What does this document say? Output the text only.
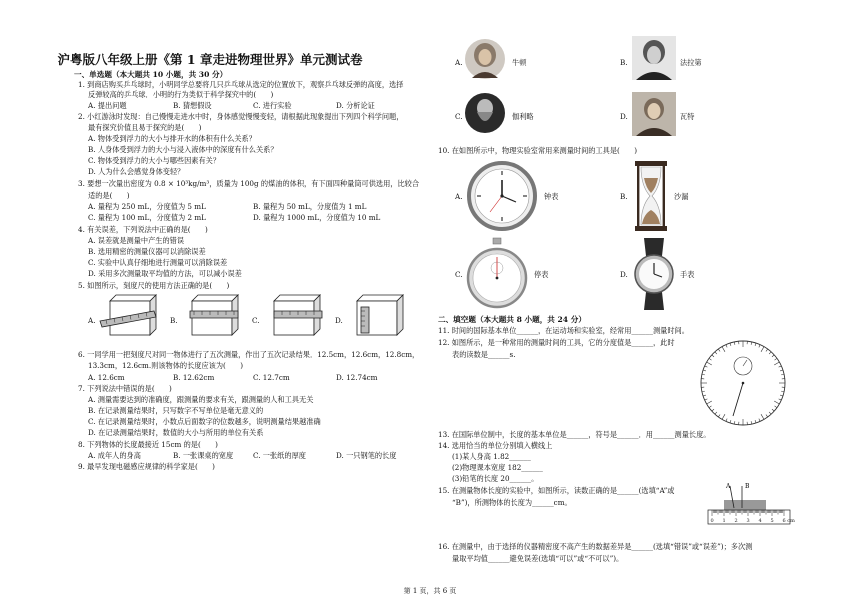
沪粤版八年级上册《第 1 章走进物理世界》单元测试卷
一、单选题（本大题共 10 小题，共 30 分）
1. 到商店购买乒乓球时，小明同学总要将几只乒乓球从选定的位置放下，观察乒乓球反弹的高度，选择
反弹较高的乒乓球．小明的行为类似于科学探究中的(　　)
A. 提出问题	B. 猜想假设	C. 进行实验	D. 分析论证
2. 小红游泳时发现：自己慢慢走进水中时，身体感觉慢慢变轻，请根据此现象提出下列四个科学问题，
最有探究价值且易于探究的是(　　)
A. 物体受到浮力的大小与排开水的体积有什么关系？
B. 人身体受到浮力的大小与浸入液体中的深度有什么关系？
C. 物体受到浮力的大小与哪些因素有关？
D. 人为什么会感觉身体变轻？
3. 要想一次量出密度为 0.8 × 10³kg/m³，质量为 100g 的煤油的体积，有下面四种量筒可供选用，比较合
适的是(　　)
A. 量程为 250 mL，分度值为 5 mL	B. 量程为 50 mL，分度值为 1 mL
C. 量程为 100 mL，分度值为 2 mL	D. 量程为 1000 mL，分度值为 10 mL
4. 有关误差，下列说法中正确的是(　　)
A. 误差就是测量中产生的错误
B. 选用精密的测量仪器可以消除误差
C. 实验中认真仔细地进行测量可以消除误差
D. 采用多次测量取平均值的方法，可以减小误差
5. 如图所示，刻度尺的使用方法正确的是(　　)
A.	B.	C.	D.
6. 一同学用一把刻度尺对同一物体进行了五次测量，作出了五次记录结果．12.5cm，12.6cm，12.8cm，
13.3cm，12.6cm.则该物体的长度应该为(　　)
A. 12.6cm	B. 12.62cm	C. 12.7cm	D. 12.74cm
7. 下列说法中错误的是(　　)
A. 测量需要达到的准确度，跟测量的要求有关，跟测量的人和工具无关
B. 在记录测量结果时，只写数字不写单位是毫无意义的
C. 在记录测量结果时，小数点后面数字的位数越多，说明测量结果越准确
D. 在记录测量结果时，数值的大小与所用的单位有关系
8. 下列物体的长度最接近 15cm 的是(　　)
A. 成年人的身高	B. 一张课桌的宽度	C. 一张纸的厚度	D. 一只钢笔的长度
9. 最早发现电磁感应规律的科学家是(　　)
A.	牛顿	B.	法拉第
C.	伽利略	D.	瓦特
10. 在如图所示中，物理实验室常用来测量时间的工具是(　　)
A.	钟表	B.	沙漏
C.	停表	D.	手表
二、填空题（本大题共 8 小题，共 24 分）
11. 时间的国际基本单位______，在运动场和实验室，经常用______测量时间。
12. 如图所示，是一种常用的测量时间的工具，它的分度值是______，此时
表的读数是______s.
13. 在国际单位制中，长度的基本单位是______，符号是______．用______测量长度。
14. 选用恰当的单位分别填入横线上
(1)某人身高 1.82______
(2)物理课本宽度 182______
(3)铅笔的长度 20______。
15. 在测量物体长度的实验中，如图所示，读数正确的是______(选填“A”或
“B”)，所测物体的长度为______cm。
A B
0 1 2 3 4 5 6 cm
16. 在测量中，由于选择的仪器精密度不高产生的数据差异是______(选填“错误”或“误差”)；多次测
量取平均值______避免误差(选填“可以”或“不可以”)。
第 1 页，共 6 页
